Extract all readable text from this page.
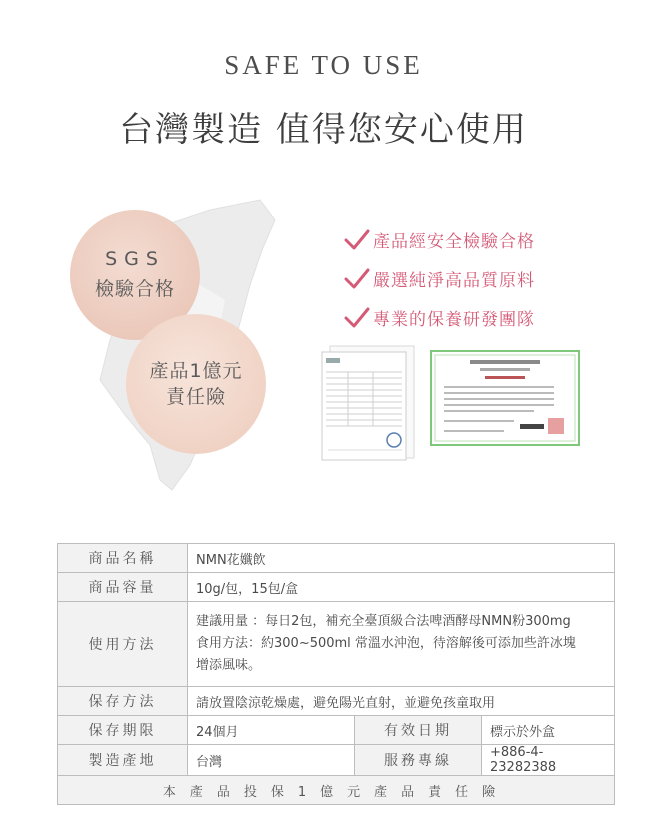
SAFE TO USE
台灣製造 值得您安心使用
SGS
檢驗合格
產品1億元
責任險
產品經安全檢驗合格
嚴選純淨高品質原料
專業的保養研發團隊
商品名稱	NMN花孅飲		
商品容量	10g/包，15包/盒		
使用方法	建議用量 ：每日2包，補充全臺頂級合法啤酒酵母NMN粉300mg
食用方法：約300~500ml 常溫水沖泡，待溶解後可添加些許冰塊
增添風味。		

保存方法	請放置陰涼乾燥處，避免陽光直射，並避免孩童取用		
保存期限	24個月	有效日期	標示於外盒
製造產地	台灣	服務專線	+886-4-23282388
本產品投保1億元產品責任險			
